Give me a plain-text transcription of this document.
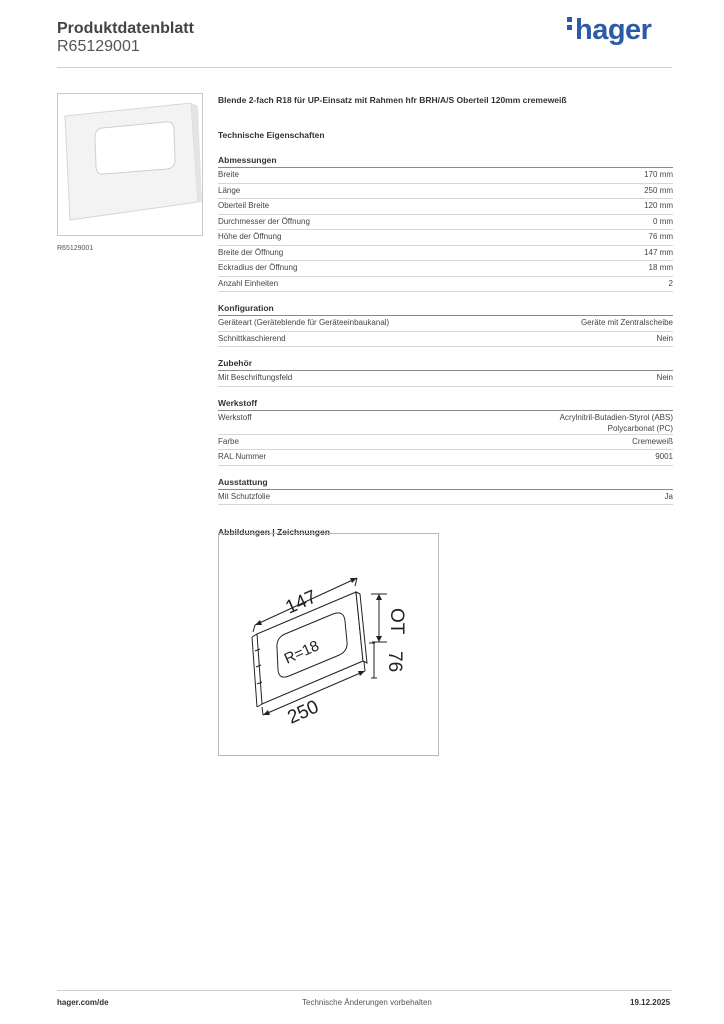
Produktdatenblatt
R65129001
hager
R65129001
Blende 2-fach R18 für UP-Einsatz mit Rahmen hfr BRH/A/S Oberteil 120mm cremeweiß
Technische Eigenschaften
Abmessungen
Breite	170 mm
Länge	250 mm
Oberteil Breite	120 mm
Durchmesser der Öffnung	0 mm
Höhe der Öffnung	76 mm
Breite der Öffnung	147 mm
Eckradius der Öffnung	18 mm
Anzahl Einheiten	2
Konfiguration
Geräteart (Geräteblende für Geräteeinbaukanal)	Geräte mit Zentralscheibe
Schnittkaschierend	Nein
Zubehör
Mit Beschriftungsfeld	Nein
Werkstoff
Werkstoff	Acrylnitril-Butadien-Styrol (ABS)
Polycarbonat (PC)
Farbe	Cremeweiß
RAL Nummer	9001
Ausstattung
Mit Schutzfolie	Ja
Abbildungen | Zeichnungen
147
250
OT
76
R=18
hager.com/de	Technische Änderungen vorbehalten	19.12.2025
